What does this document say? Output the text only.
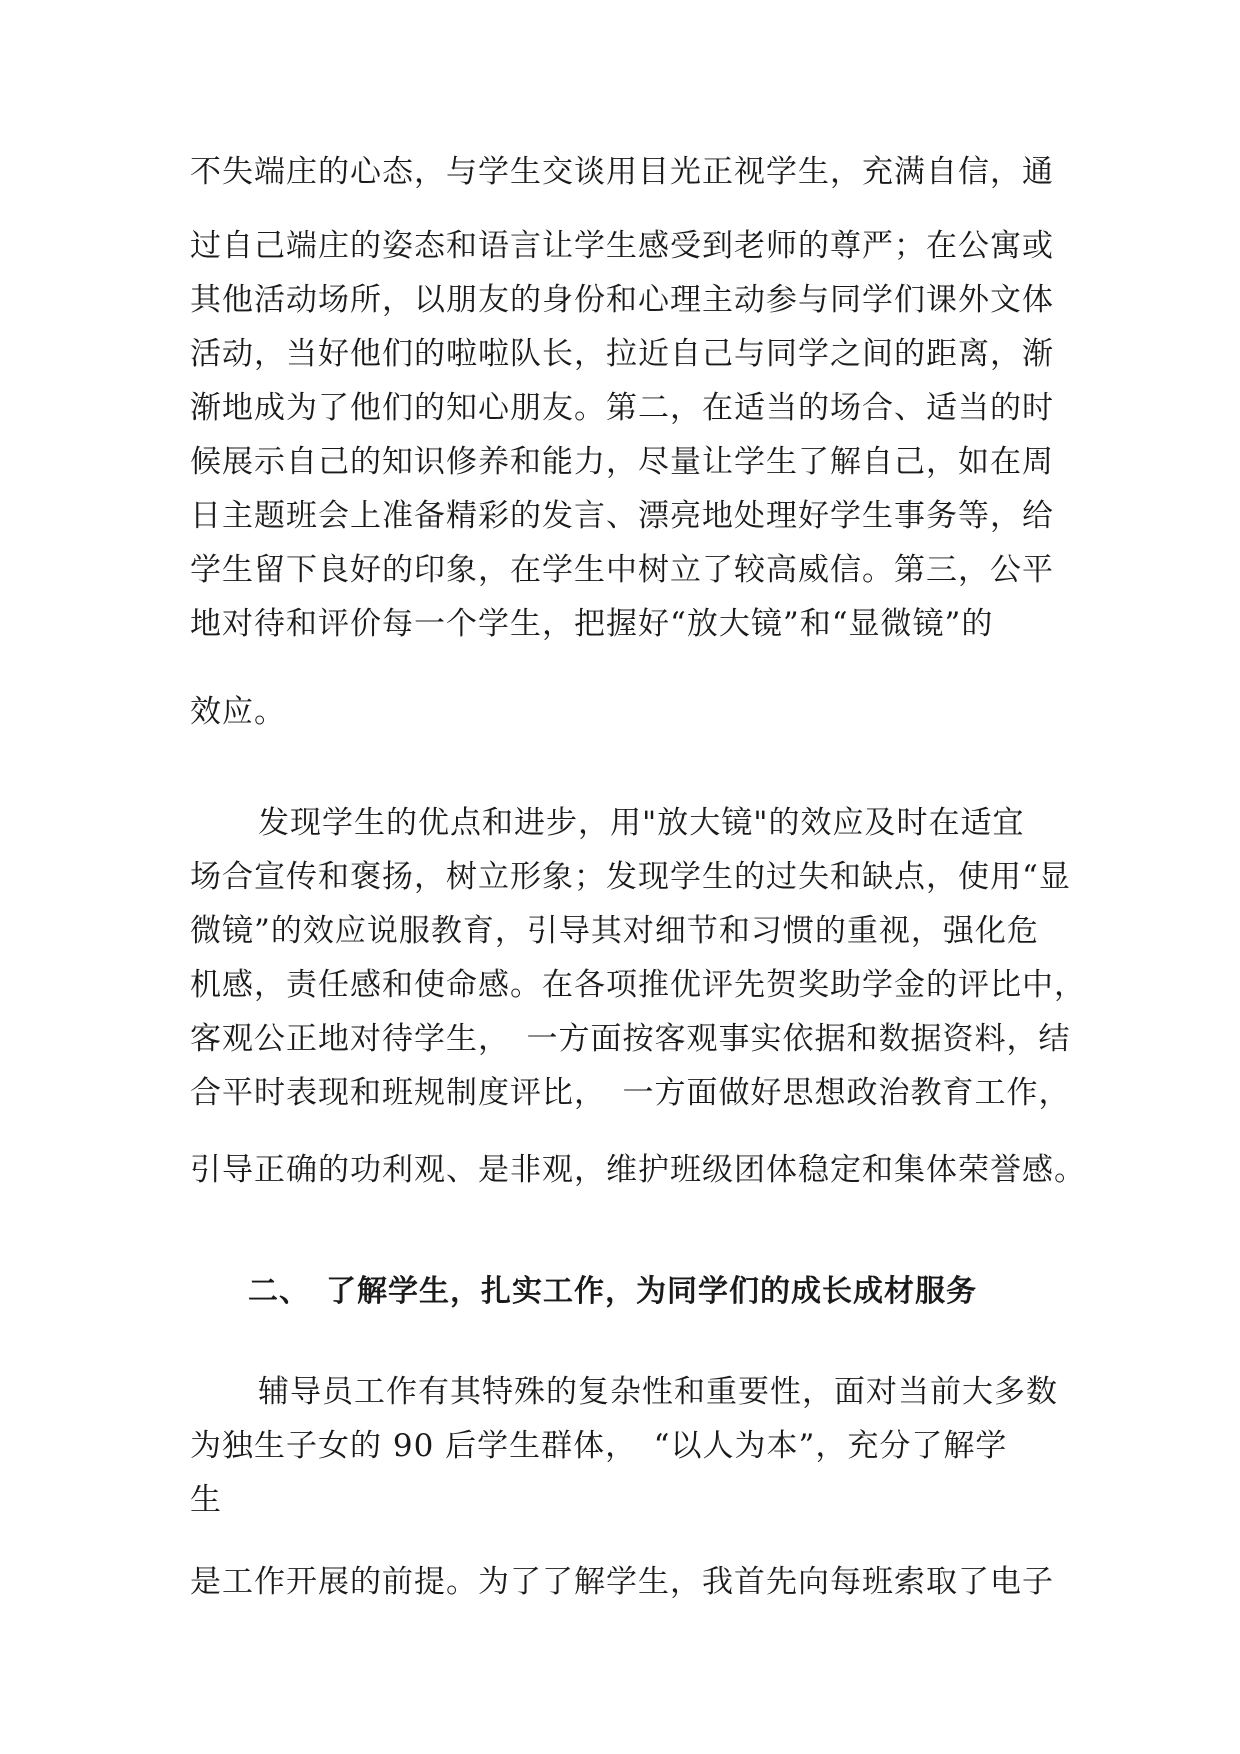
不失端庄的心态，与学生交谈用目光正视学生，充满自信，通
过自己端庄的姿态和语言让学生感受到老师的尊严；在公寓或
其他活动场所，以朋友的身份和心理主动参与同学们课外文体
活动，当好他们的啦啦队长，拉近自己与同学之间的距离，渐
渐地成为了他们的知心朋友。第二，在适当的场合、适当的时
候展示自己的知识修养和能力，尽量让学生了解自己，如在周
日主题班会上准备精彩的发言、漂亮地处理好学生事务等，给
学生留下良好的印象，在学生中树立了较高威信。第三，公平
地对待和评价每一个学生，把握好“放大镜”和“显微镜”的
效应。
发现学生的优点和进步，用"放大镜"的效应及时在适宜
场合宣传和褒扬，树立形象；发现学生的过失和缺点，使用“显
微镜”的效应说服教育，引导其对细节和习惯的重视，强化危
机感，责任感和使命感。在各项推优评先贺奖助学金的评比中，
客观公正地对待学生，　一方面按客观事实依据和数据资料，结
合平时表现和班规制度评比，　一方面做好思想政治教育工作，
引导正确的功利观、是非观，维护班级团体稳定和集体荣誉感。
二、　了解学生，扎实工作，为同学们的成长成材服务
辅导员工作有其特殊的复杂性和重要性，面对当前大多数
为独生子女的 90 后学生群体，　“以人为本”，充分了解学
生
是工作开展的前提。为了了解学生，我首先向每班索取了电子
